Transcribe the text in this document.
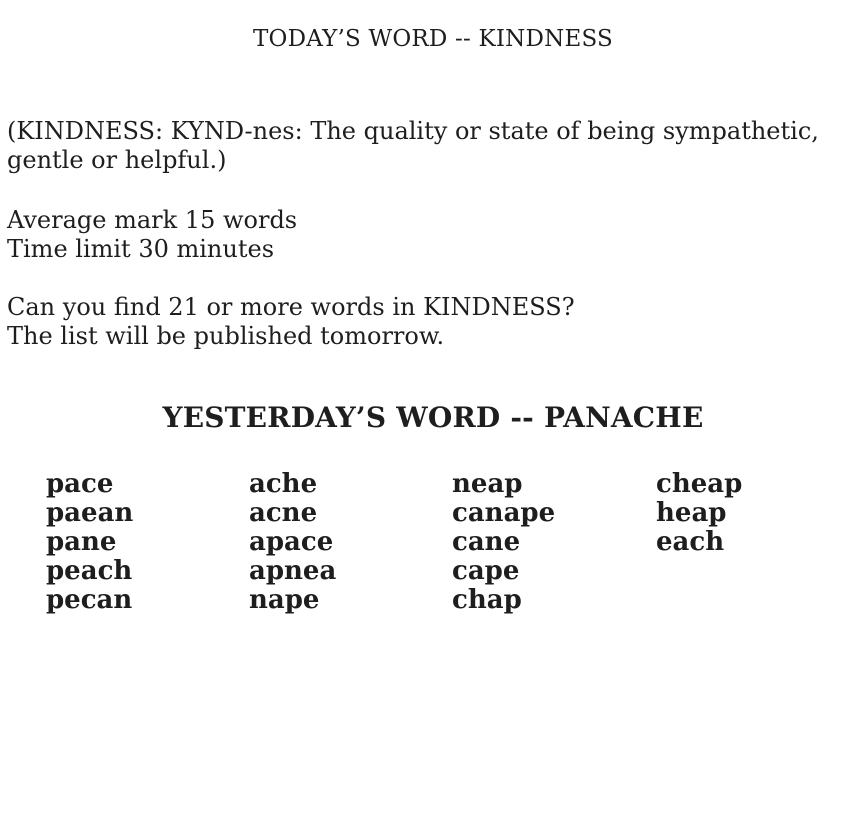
TODAY’S WORD -- KINDNESS
(KINDNESS: KYND-nes: The quality or state of being sympathetic,
gentle or helpful.)
Average mark 15 words
Time limit 30 minutes
Can you find 21 or more words in KINDNESS?
The list will be published tomorrow.
YESTERDAY’S WORD -- PANACHE
pace
paean
pane
peach
pecan
ache
acne
apace
apnea
nape
neap
canape
cane
cape
chap
cheap
heap
each
